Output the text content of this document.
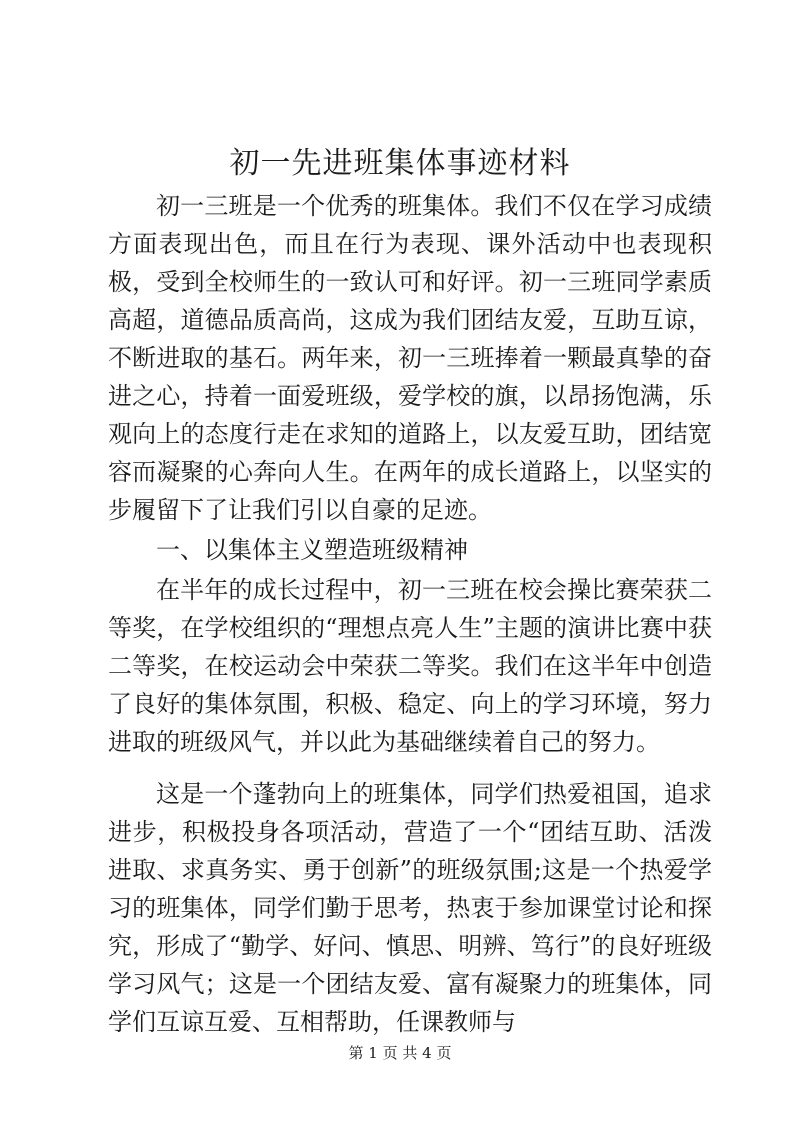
初一先进班集体事迹材料

初一三班是一个优秀的班集体。我们不仅在学习成绩方面表现出色，而且在行为表现、课外活动中也表现积极，受到全校师生的一致认可和好评。初一三班同学素质高超，道德品质高尚，这成为我们团结友爱，互助互谅，不断进取的基石。两年来，初一三班捧着一颗最真挚的奋进之心，持着一面爱班级，爱学校的旗，以昂扬饱满，乐观向上的态度行走在求知的道路上，以友爱互助，团结宽容而凝聚的心奔向人生。在两年的成长道路上，以坚实的步履留下了让我们引以自豪的足迹。

一、以集体主义塑造班级精神

在半年的成长过程中，初一三班在校会操比赛荣获二等奖，在学校组织的“理想点亮人生”主题的演讲比赛中获二等奖，在校运动会中荣获二等奖。我们在这半年中创造了良好的集体氛围，积极、稳定、向上的学习环境，努力进取的班级风气，并以此为基础继续着自己的努力。

这是一个蓬勃向上的班集体，同学们热爱祖国，追求进步，积极投身各项活动，营造了一个“团结互助、活泼进取、求真务实、勇于创新”的班级氛围;这是一个热爱学习的班集体，同学们勤于思考，热衷于参加课堂讨论和探究，形成了“勤学、好问、慎思、明辨、笃行”的良好班级学习风气；这是一个团结友爱、富有凝聚力的班集体，同学们互谅互爱、互相帮助，任课教师与

第 1 页 共 4 页
